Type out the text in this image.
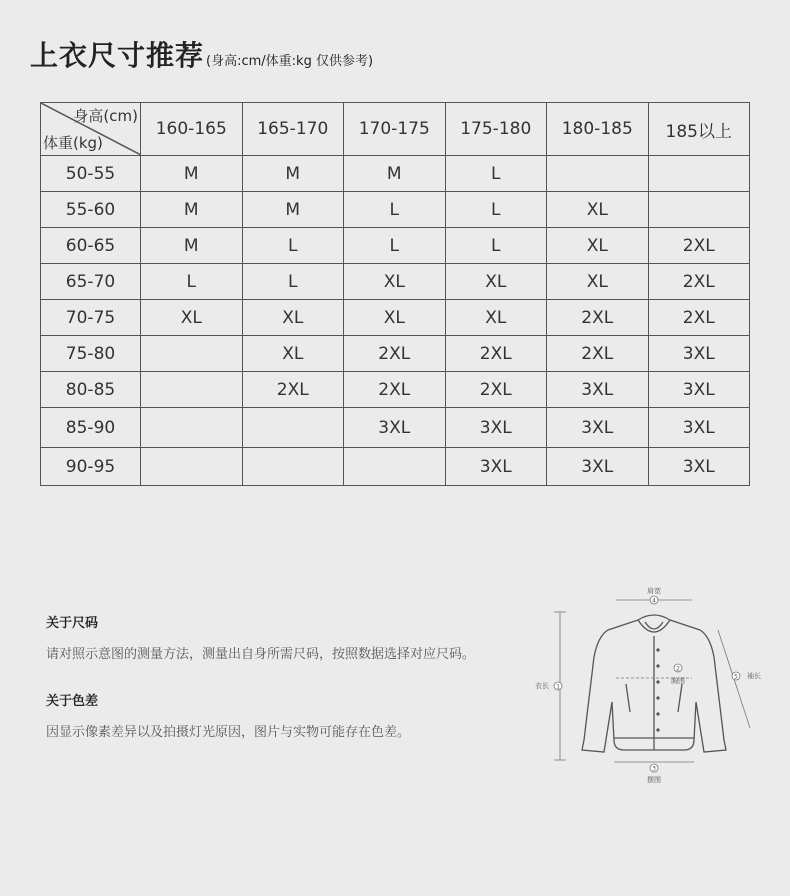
上衣尺寸推荐 (身高:cm/体重:kg 仅供参考)
身高(cm)
体重(kg)	160-165	165-170	170-175	175-180	180-185	185以上
50-55	M	M	M	L		
55-60	M	M	L	L	XL	
60-65	M	L	L	L	XL	2XL
65-70	L	L	XL	XL	XL	2XL
70-75	XL	XL	XL	XL	2XL	2XL
75-80		XL	2XL	2XL	2XL	3XL
80-85		2XL	2XL	2XL	3XL	3XL
85-90			3XL	3XL	3XL	3XL
90-95				3XL	3XL	3XL
关于尺码

请对照示意图的测量方法，测量出自身所需尺码，按照数据选择对应尺码。

关于色差

因显示像素差异以及拍摄灯光原因，图片与实物可能存在色差。

肩宽
4
2
胸围
衣长 1
5 袖长
3
摆围
